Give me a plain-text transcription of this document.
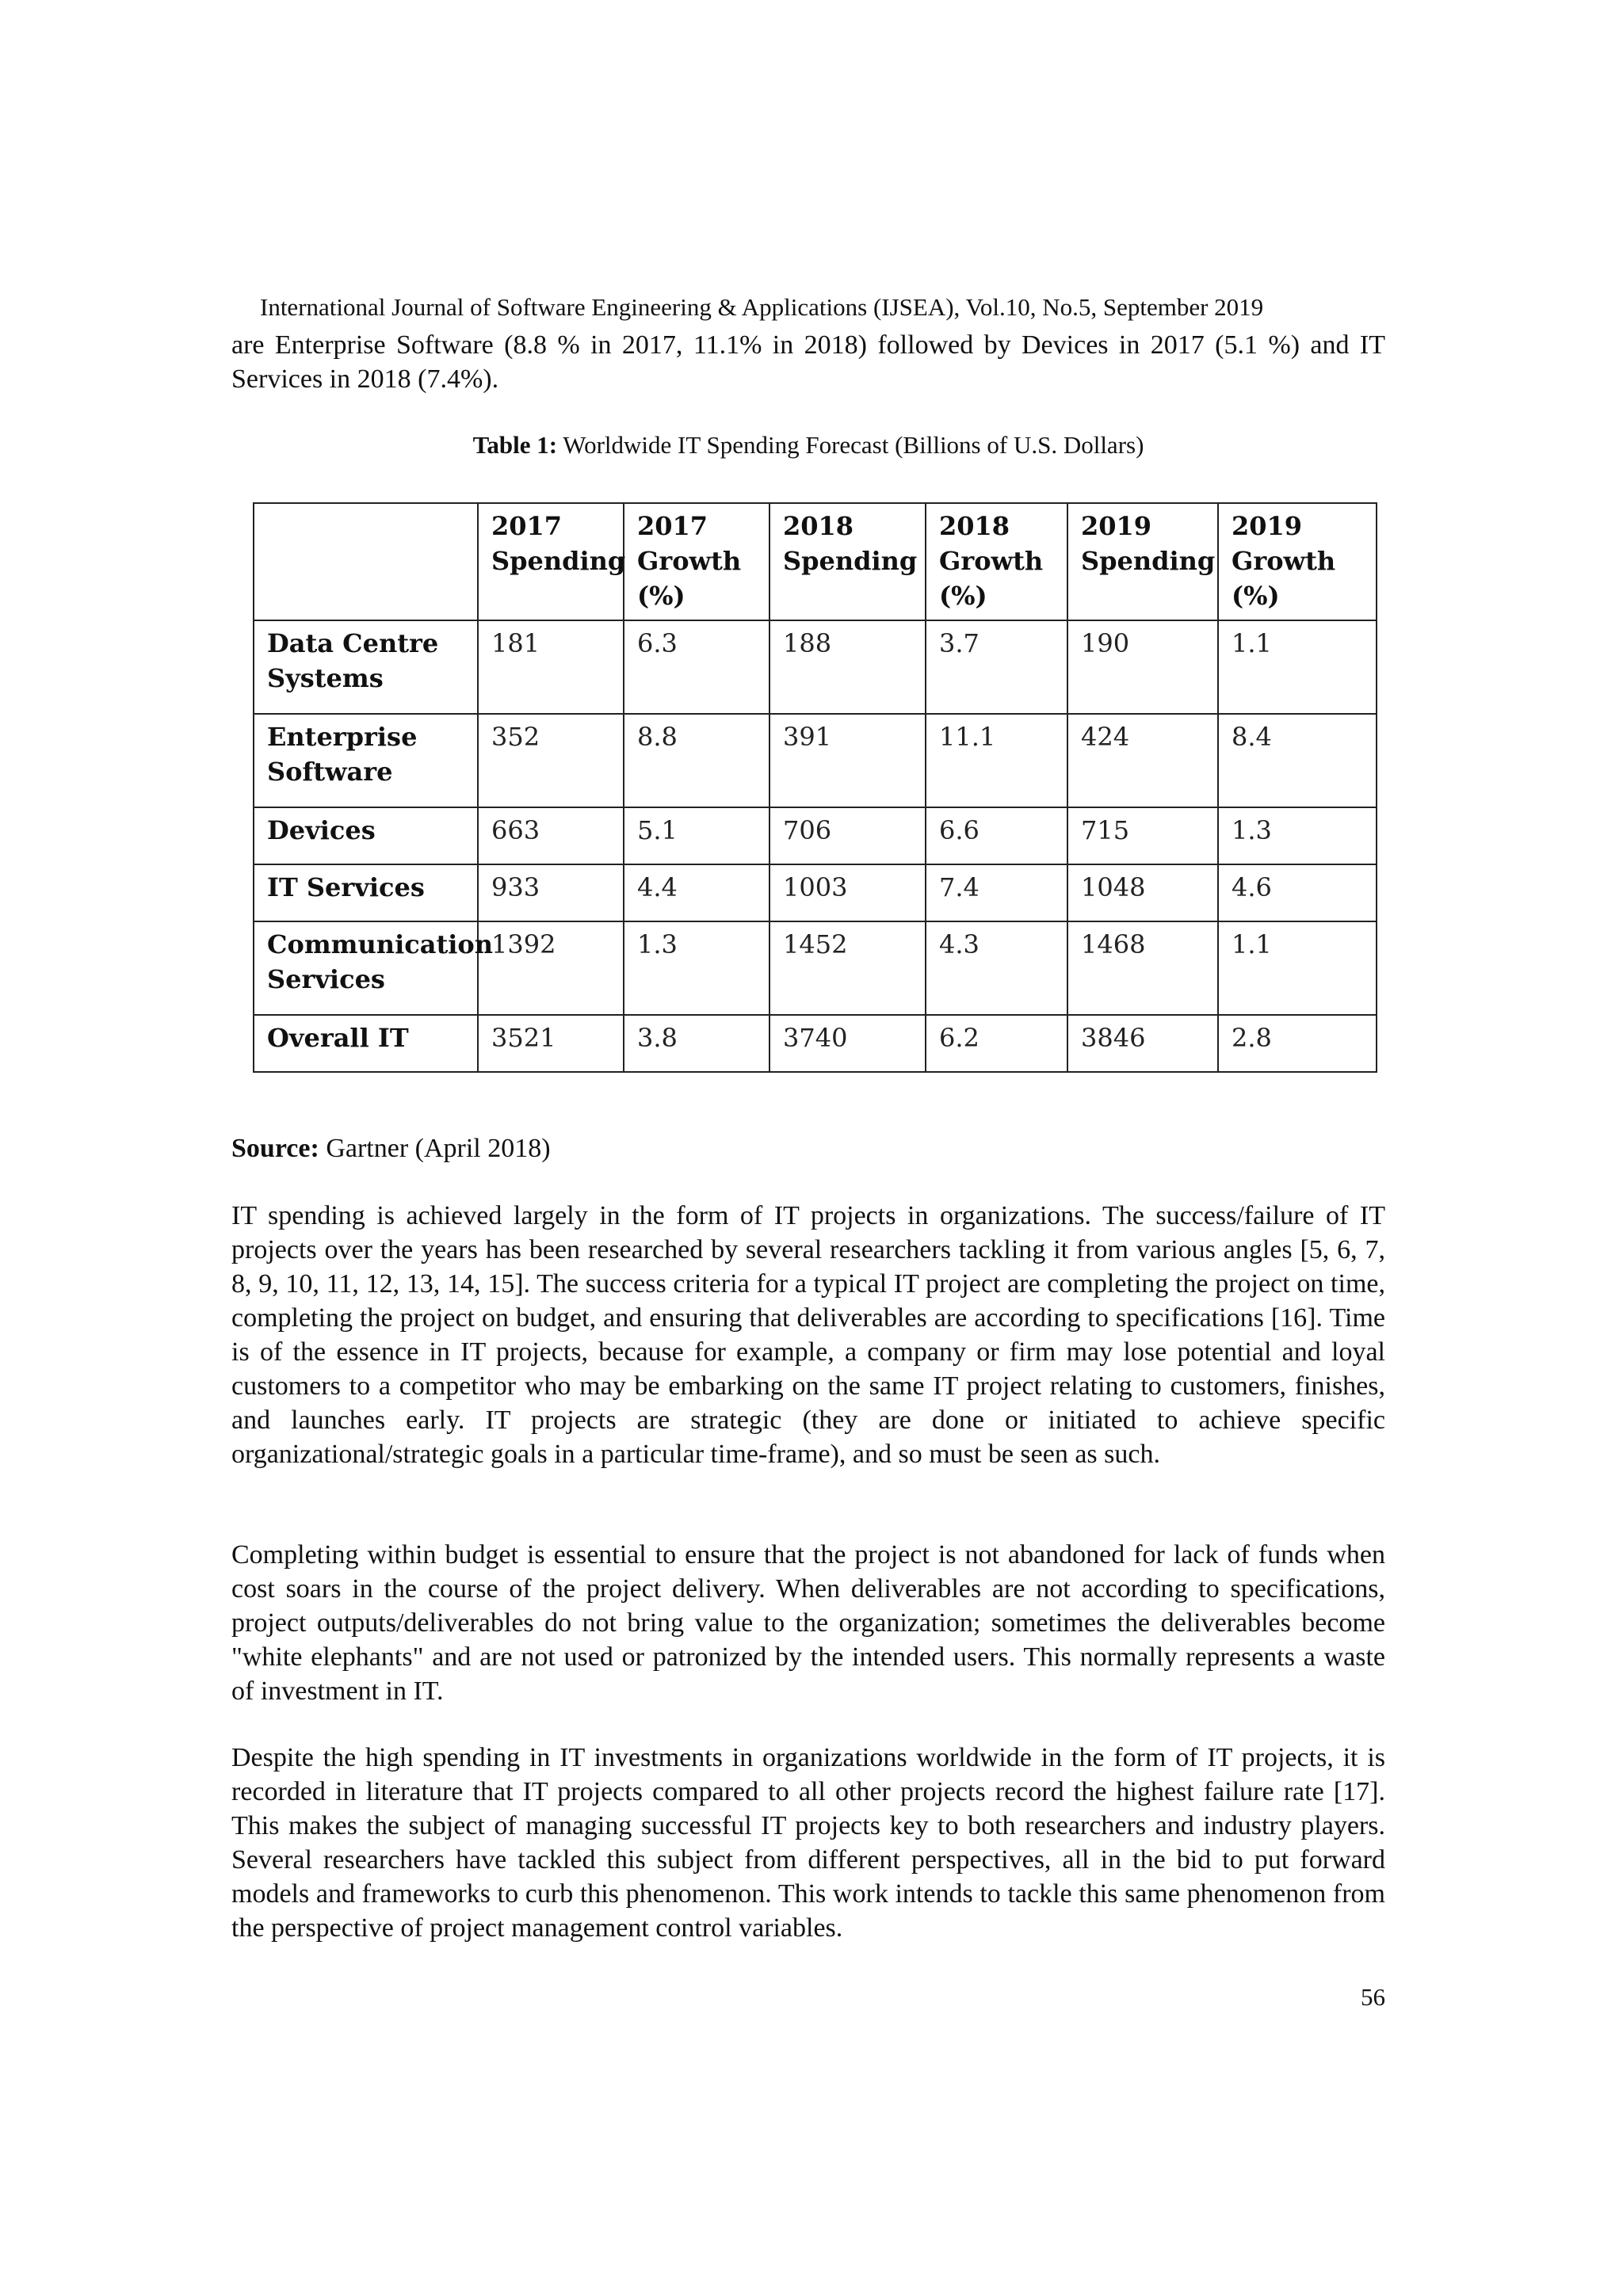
International Journal of Software Engineering & Applications (IJSEA), Vol.10, No.5, September 2019

are Enterprise Software (8.8 % in 2017, 11.1% in 2018) followed by Devices in 2017 (5.1 %) and IT Services in 2018 (7.4%).

Table 1: Worldwide IT Spending Forecast (Billions of U.S. Dollars)
	2017 Spending	2017 Growth (%)	2018 Spending	2018 Growth (%)	2019 Spending	2019 Growth (%)
Data Centre Systems	181	6.3	188	3.7	190	1.1
Enterprise Software	352	8.8	391	11.1	424	8.4
Devices	663	5.1	706	6.6	715	1.3
IT Services	933	4.4	1003	7.4	1048	4.6
Communication Services	1392	1.3	1452	4.3	1468	1.1
Overall IT	3521	3.8	3740	6.2	3846	2.8
Source: Gartner (April 2018)

IT spending is achieved largely in the form of IT projects in organizations. The success/failure of IT projects over the years has been researched by several researchers tackling it from various angles [5, 6, 7, 8, 9, 10, 11, 12, 13, 14, 15]. The success criteria for a typical IT project are completing the project on time, completing the project on budget, and ensuring that deliverables are according to specifications [16]. Time is of the essence in IT projects, because for example, a company or firm may lose potential and loyal customers to a competitor who may be embarking on the same IT project relating to customers, finishes, and launches early. IT projects are strategic (they are done or initiated to achieve specific organizational/strategic goals in a particular time-frame), and so must be seen as such.

Completing within budget is essential to ensure that the project is not abandoned for lack of funds when cost soars in the course of the project delivery. When deliverables are not according to specifications, project outputs/deliverables do not bring value to the organization; sometimes the deliverables become "white elephants" and are not used or patronized by the intended users. This normally represents a waste of investment in IT.

Despite the high spending in IT investments in organizations worldwide in the form of IT projects, it is recorded in literature that IT projects compared to all other projects record the highest failure rate [17]. This makes the subject of managing successful IT projects key to both researchers and industry players. Several researchers have tackled this subject from different perspectives, all in the bid to put forward models and frameworks to curb this phenomenon. This work intends to tackle this same phenomenon from the perspective of project management control variables.

56
